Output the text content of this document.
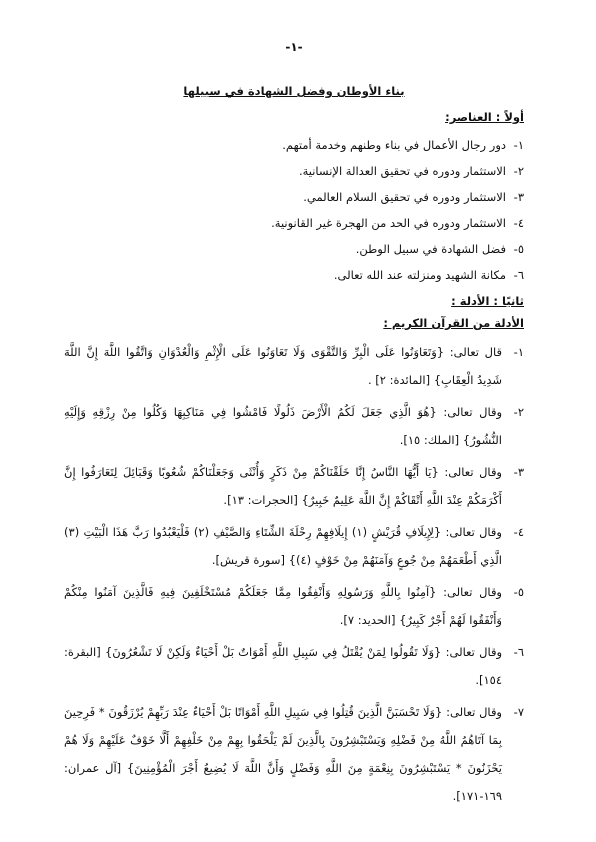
-١-
بناء الأوطان وفضل الشهادة في سبيلها
أولاً : العناصر:
١-
دور رجال الأعمال في بناء وطنهم وخدمة أمتهم.
٢-
الاستثمار ودوره في تحقيق العدالة الإنسانية.
٣-
الاستثمار ودوره في تحقيق السلام العالمي.
٤-
الاستثمار ودوره في الحد من الهجرة غير القانونية.
٥-
فضل الشهادة في سبيل الوطن.
٦-
مكانة الشهيد ومنزلته عند الله تعالى.
ثانيًا : الأدلة :
الأدلة من القرآن الكريم :
١-
قال تعالى: {وَتَعَاوَنُوا عَلَى الْبِرِّ وَالتَّقْوَى وَلَا تَعَاوَنُوا عَلَى الْإِثْمِ وَالْعُدْوَانِ وَاتَّقُوا اللَّهَ إِنَّ اللَّهَ شَدِيدُ الْعِقَابِ} [المائدة: ٢] .
٢-
وقال تعالى: {هُوَ الَّذِي جَعَلَ لَكُمُ الْأَرْضَ ذَلُولًا فَامْشُوا فِي مَنَاكِبِهَا وَكُلُوا مِنْ رِزْقِهِ وَإِلَيْهِ النُّشُورُ} [الملك: ١٥].
٣-
وقال تعالى: {يَا أَيُّهَا النَّاسُ إِنَّا خَلَقْنَاكُمْ مِنْ ذَكَرٍ وَأُنْثَى وَجَعَلْنَاكُمْ شُعُوبًا وَقَبَائِلَ لِتَعَارَفُوا إِنَّ أَكْرَمَكُمْ عِنْدَ اللَّهِ أَتْقَاكُمْ إِنَّ اللَّهَ عَلِيمٌ خَبِيرٌ} [الحجرات: ١٣].
٤-
وقال تعالى: {لِإِيلَافِ قُرَيْشٍ (١) إِيلَافِهِمْ رِحْلَةَ الشِّتَاءِ وَالصَّيْفِ (٢) فَلْيَعْبُدُوا رَبَّ هَذَا الْبَيْتِ (٣) الَّذِي أَطْعَمَهُمْ مِنْ جُوعٍ وَآمَنَهُمْ مِنْ خَوْفٍ (٤)} [سورة قريش].
٥-
وقال تعالى: {آمِنُوا بِاللَّهِ وَرَسُولِهِ وَأَنْفِقُوا مِمَّا جَعَلَكُمْ مُسْتَخْلَفِينَ فِيهِ فَالَّذِينَ آمَنُوا مِنْكُمْ وَأَنْفَقُوا لَهُمْ أَجْرٌ كَبِيرٌ} [الحديد: ٧].
٦-
وقال تعالى: {وَلَا تَقُولُوا لِمَنْ يُقْتَلُ فِي سَبِيلِ اللَّهِ أَمْوَاتٌ بَلْ أَحْيَاءٌ وَلَكِنْ لَا تَشْعُرُونَ} [البقرة: ١٥٤].
٧-
وقال تعالى: {وَلَا تَحْسَبَنَّ الَّذِينَ قُتِلُوا فِي سَبِيلِ اللَّهِ أَمْوَاتًا بَلْ أَحْيَاءٌ عِنْدَ رَبِّهِمْ يُرْزَقُونَ * فَرِحِينَ بِمَا آتَاهُمُ اللَّهُ مِنْ فَضْلِهِ وَيَسْتَبْشِرُونَ بِالَّذِينَ لَمْ يَلْحَقُوا بِهِمْ مِنْ خَلْفِهِمْ أَلَّا خَوْفٌ عَلَيْهِمْ وَلَا هُمْ يَحْزَنُونَ * يَسْتَبْشِرُونَ بِنِعْمَةٍ مِنَ اللَّهِ وَفَضْلٍ وَأَنَّ اللَّهَ لَا يُضِيعُ أَجْرَ الْمُؤْمِنِينَ} [آل عمران: ١٦٩-١٧١].
